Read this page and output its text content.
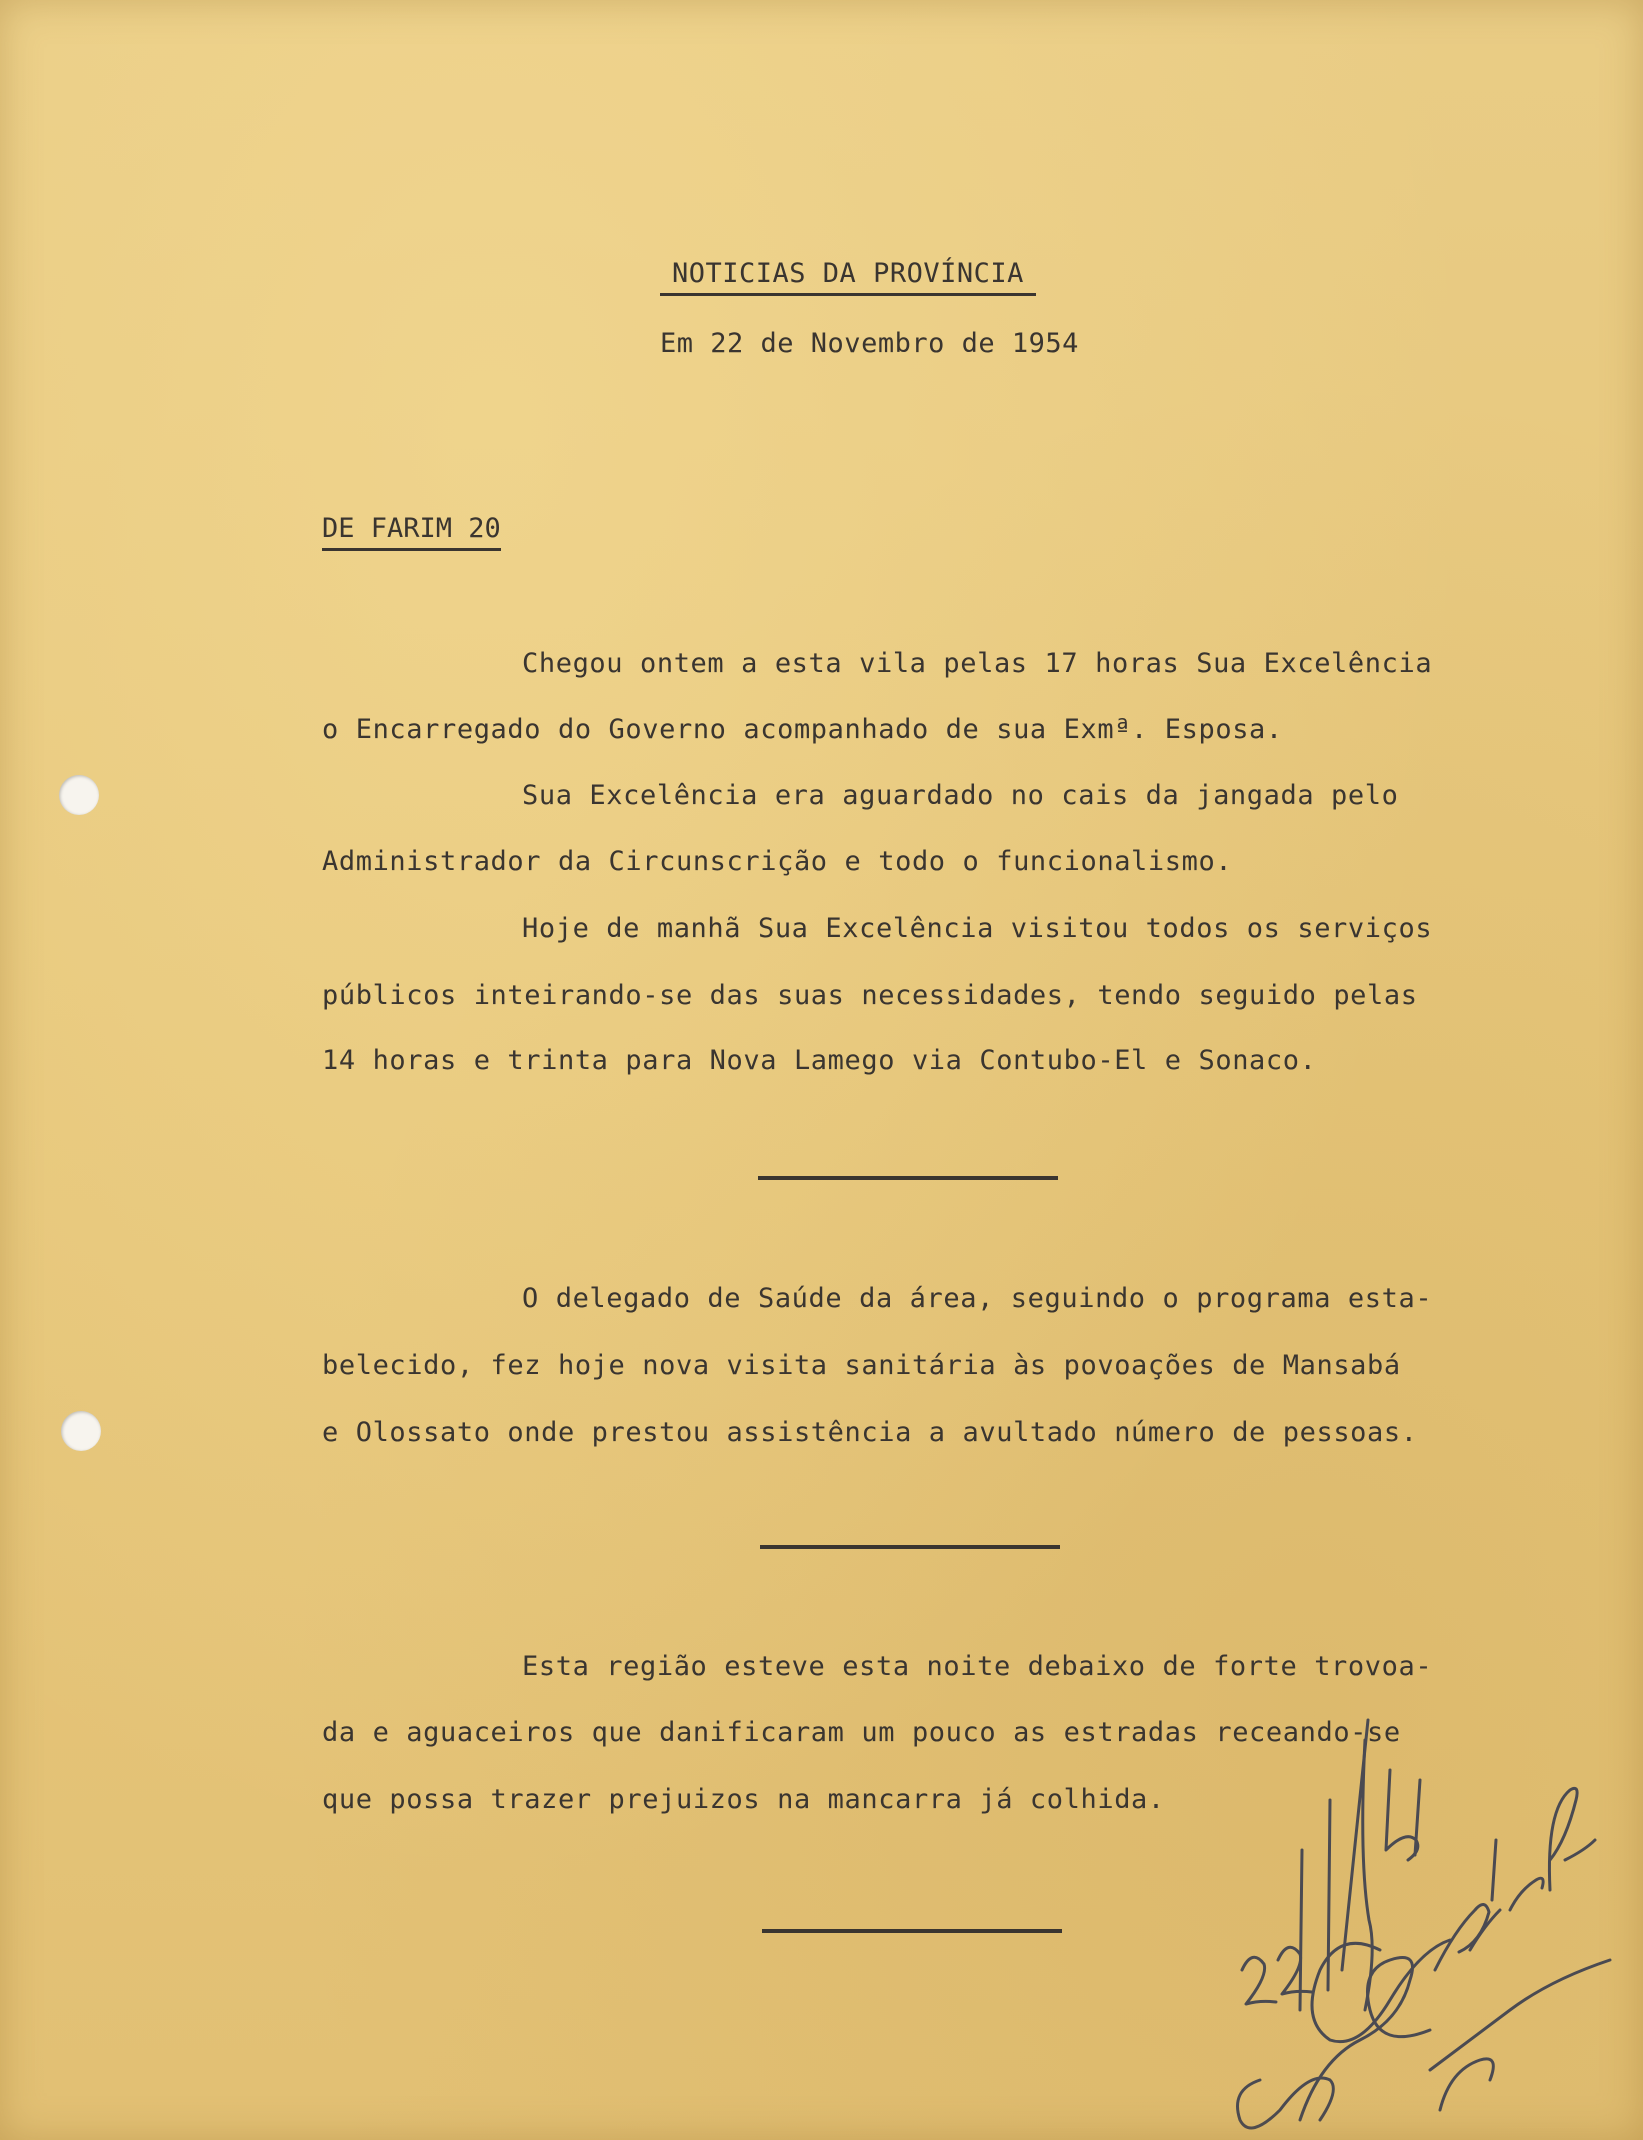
NOTICIAS DA PROVÍNCIA
Em 22 de Novembro de 1954
DE FARIM 20
Chegou ontem a esta vila pelas 17 horas Sua Excelência
o Encarregado do Governo acompanhado de sua Exmª. Esposa.
Sua Excelência era aguardado no cais da jangada pelo
Administrador da Circunscrição e todo o funcionalismo.
Hoje de manhã Sua Excelência visitou todos os serviços
públicos inteirando-se das suas necessidades, tendo seguido pelas
14 horas e trinta para Nova Lamego via Contubo-El e Sonaco.
O delegado de Saúde da área, seguindo o programa esta-
belecido, fez hoje nova visita sanitária às povoações de Mansabá
e Olossato onde prestou assistência a avultado número de pessoas.
Esta região esteve esta noite debaixo de forte trovoa-
da e aguaceiros que danificaram um pouco as estradas receando-se
que possa trazer prejuizos na mancarra já colhida.
